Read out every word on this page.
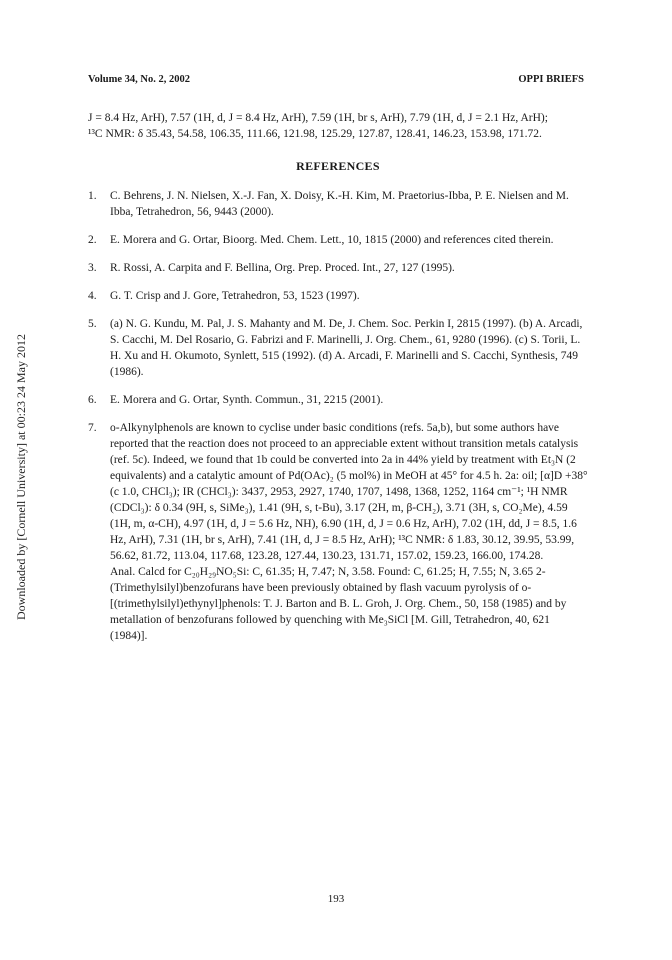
Volume 34, No. 2, 2002	OPPI BRIEFS
Downloaded by [Cornell University] at 00:23 24 May 2012

J = 8.4 Hz, ArH), 7.57 (1H, d, J = 8.4 Hz, ArH), 7.59 (1H, br s, ArH), 7.79 (1H, d, J = 2.1 Hz, ArH);

¹³C NMR: δ 35.43, 54.58, 106.35, 111.66, 121.98, 125.29, 127.87, 128.41, 146.23, 153.98, 171.72.

REFERENCES

1.	C. Behrens, J. N. Nielsen, X.-J. Fan, X. Doisy, K.-H. Kim, M. Praetorius-Ibba, P. E. Nielsen and M. Ibba, Tetrahedron, 56, 9443 (2000).

2.	E. Morera and G. Ortar, Bioorg. Med. Chem. Lett., 10, 1815 (2000) and references cited therein.

3.	R. Rossi, A. Carpita and F. Bellina, Org. Prep. Proced. Int., 27, 127 (1995).

4.	G. T. Crisp and J. Gore, Tetrahedron, 53, 1523 (1997).

5.	(a) N. G. Kundu, M. Pal, J. S. Mahanty and M. De, J. Chem. Soc. Perkin I, 2815 (1997). (b) A. Arcadi, S. Cacchi, M. Del Rosario, G. Fabrizi and F. Marinelli, J. Org. Chem., 61, 9280 (1996). (c) S. Torii, L. H. Xu and H. Okumoto, Synlett, 515 (1992). (d) A. Arcadi, F. Marinelli and S. Cacchi, Synthesis, 749 (1986).

6.	E. Morera and G. Ortar, Synth. Commun., 31, 2215 (2001).

7.	o-Alkynylphenols are known to cyclise under basic conditions (refs. 5a,b), but some authors have reported that the reaction does not proceed to an appreciable extent without transition metals catalysis (ref. 5c). Indeed, we found that 1b could be converted into 2a in 44% yield by treatment with Et₃N (2 equivalents) and a catalytic amount of Pd(OAc)₂ (5 mol%) in MeOH at 45° for 4.5 h. 2a: oil; [α]D +38° (c 1.0, CHCl₃); IR (CHCl₃): 3437, 2953, 2927, 1740, 1707, 1498, 1368, 1252, 1164 cm⁻¹; ¹H NMR (CDCl₃): δ 0.34 (9H, s, SiMe₃), 1.41 (9H, s, t-Bu), 3.17 (2H, m, β-CH₂), 3.71 (3H, s, CO₂Me), 4.59 (1H, m, α-CH), 4.97 (1H, d, J = 5.6 Hz, NH), 6.90 (1H, d, J = 0.6 Hz, ArH), 7.02 (1H, dd, J = 8.5, 1.6 Hz, ArH), 7.31 (1H, br s, ArH), 7.41 (1H, d, J = 8.5 Hz, ArH); ¹³C NMR: δ 1.83, 30.12, 39.95, 53.99, 56.62, 81.72, 113.04, 117.68, 123.28, 127.44, 130.23, 131.71, 157.02, 159.23, 166.00, 174.28.

Anal. Calcd for C₂₀H₂₉NO₅Si: C, 61.35; H, 7.47; N, 3.58. Found: C, 61.25; H, 7.55; N, 3.65 2-(Trimethylsilyl)benzofurans have been previously obtained by flash vacuum pyrolysis of o-[(trimethylsilyl)ethynyl]phenols: T. J. Barton and B. L. Groh, J. Org. Chem., 50, 158 (1985) and by metallation of benzofurans followed by quenching with Me₃SiCl [M. Gill, Tetrahedron, 40, 621 (1984)].

193
